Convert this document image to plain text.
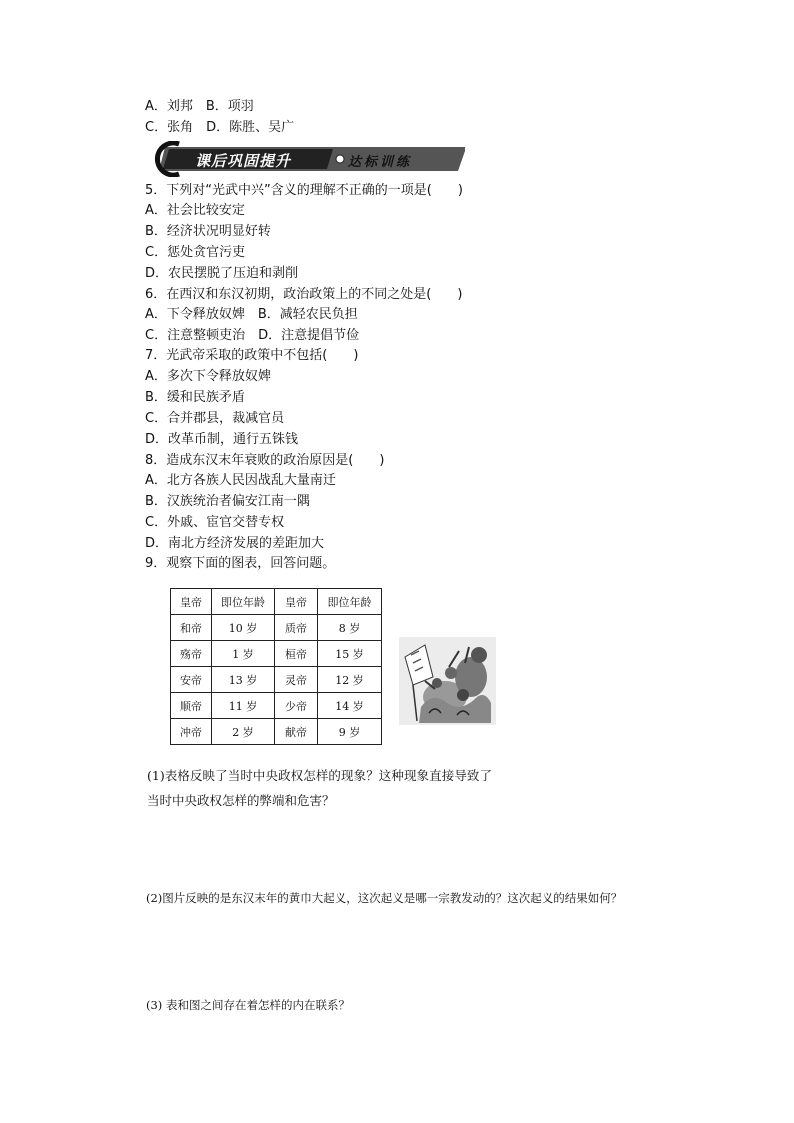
A．刘邦　B．项羽
C．张角　D．陈胜、吴广
课后巩固提升	达标训练
5．下列对“光武中兴”含义的理解不正确的一项是(　　)
A．社会比较安定
B．经济状况明显好转
C．惩处贪官污吏
D．农民摆脱了压迫和剥削
6．在西汉和东汉初期，政治政策上的不同之处是(　　)
A．下令释放奴婢　B．减轻农民负担
C．注意整顿吏治　D．注意提倡节俭
7．光武帝采取的政策中不包括(　　)
A．多次下令释放奴婢
B．缓和民族矛盾
C．合并郡县，裁减官员
D．改革币制，通行五铢钱
8．造成东汉末年衰败的政治原因是(　　)
A．北方各族人民因战乱大量南迁
B．汉族统治者偏安江南一隅
C．外戚、宦官交替专权
D．南北方经济发展的差距加大
9．观察下面的图表，回答问题。
皇帝	即位年龄	皇帝	即位年龄
和帝	10 岁	质帝	8 岁
殇帝	1 岁	桓帝	15 岁
安帝	13 岁	灵帝	12 岁
顺帝	11 岁	少帝	14 岁
冲帝	2 岁	献帝	9 岁
(1)表格反映了当时中央政权怎样的现象？这种现象直接导致了当时中央政权怎样的弊端和危害？
(2)图片反映的是东汉末年的黄巾大起义，这次起义是哪一宗教发动的？这次起义的结果如何？
(3) 表和图之间存在着怎样的内在联系？
